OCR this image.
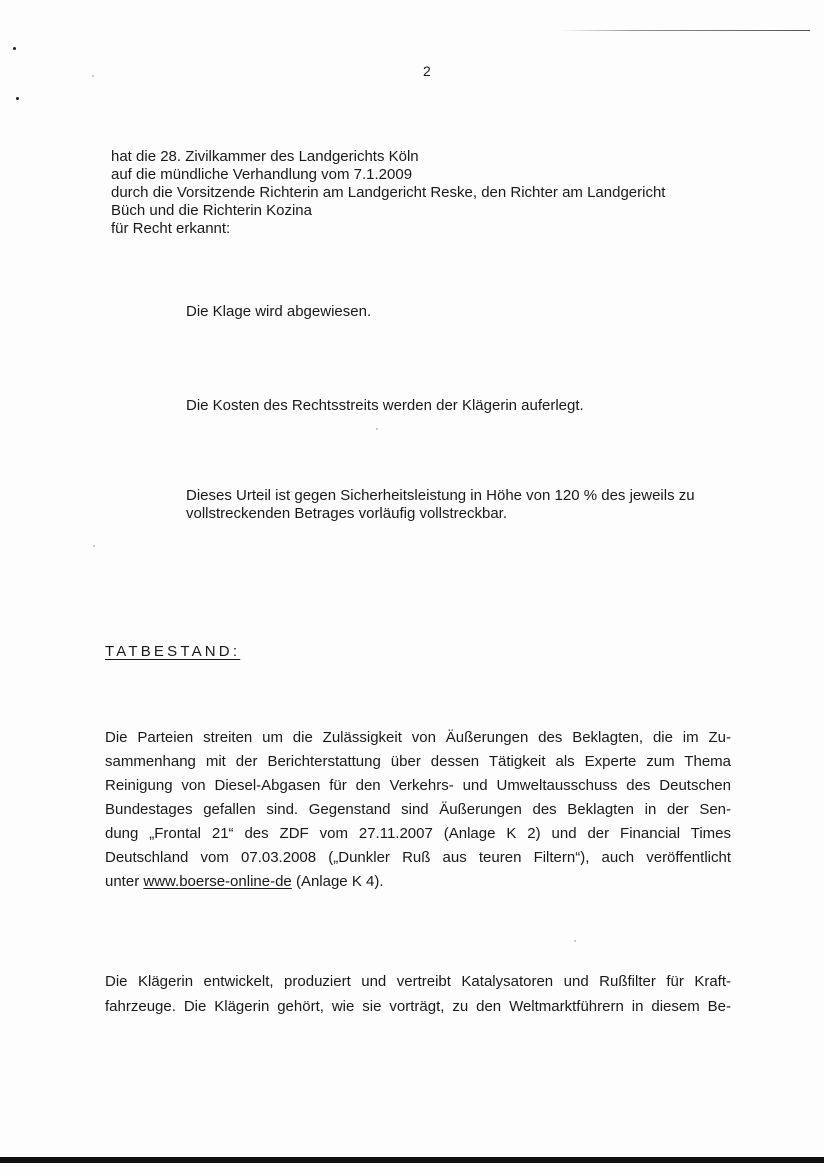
2
hat die 28. Zivilkammer des Landgerichts Köln
auf die mündliche Verhandlung vom 7.1.2009
durch die Vorsitzende Richterin am Landgericht Reske, den Richter am Landgericht
Büch und die Richterin Kozina
für Recht erkannt:
Die Klage wird abgewiesen.
Die Kosten des Rechtsstreits werden der Klägerin auferlegt.
Dieses Urteil ist gegen Sicherheitsleistung in Höhe von 120 % des jeweils zu
vollstreckenden Betrages vorläufig vollstreckbar.
TATBESTAND:
Die Parteien streiten um die Zulässigkeit von Äußerungen des Beklagten, die im Zu-
sammenhang mit der Berichterstattung über dessen Tätigkeit als Experte zum Thema
Reinigung von Diesel-Abgasen für den Verkehrs- und Umweltausschuss des Deutschen
Bundestages gefallen sind. Gegenstand sind Äußerungen des Beklagten in der Sen-
dung „Frontal 21“ des ZDF vom 27.11.2007 (Anlage K 2) und der Financial Times
Deutschland vom 07.03.2008 („Dunkler Ruß aus teuren Filtern“), auch veröffentlicht
unter www.boerse-online-de (Anlage K 4).
Die Klägerin entwickelt, produziert und vertreibt Katalysatoren und Rußfilter für Kraft-
fahrzeuge. Die Klägerin gehört, wie sie vorträgt, zu den Weltmarktführern in diesem Be-
